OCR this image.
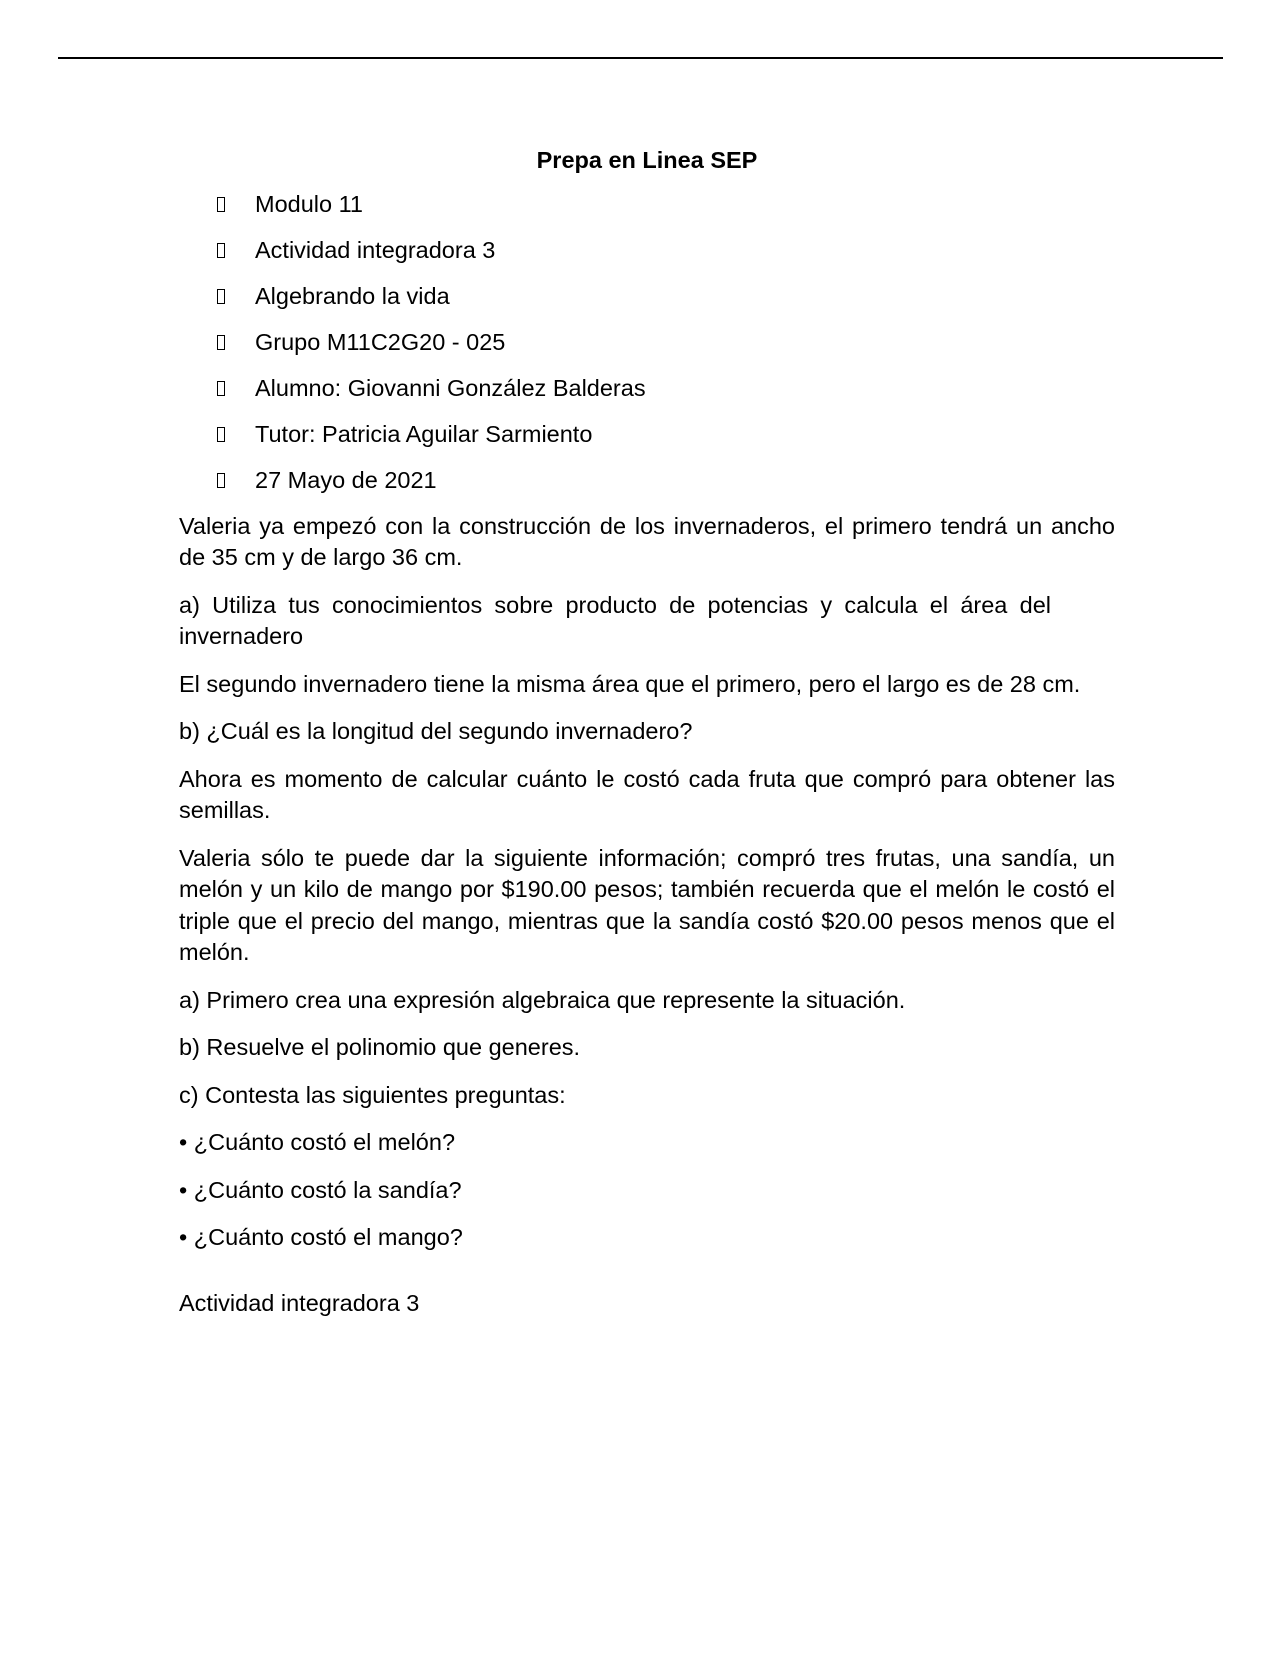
Prepa en Linea SEP
Modulo 11
Actividad integradora 3
Algebrando la vida
Grupo M11C2G20 - 025
Alumno: Giovanni González Balderas
Tutor: Patricia Aguilar Sarmiento
27 Mayo de 2021

Valeria ya empezó con la construcción de los invernaderos, el primero tendrá un ancho de 35 cm y de largo 36 cm.

a) Utiliza tus conocimientos sobre producto de potencias y calcula el área del invernadero

El segundo invernadero tiene la misma área que el primero, pero el largo es de 28 cm.

b) ¿Cuál es la longitud del segundo invernadero?

Ahora es momento de calcular cuánto le costó cada fruta que compró para obtener las semillas.

Valeria sólo te puede dar la siguiente información; compró tres frutas, una sandía, un melón y un kilo de mango por $190.00 pesos; también recuerda que el melón le costó el triple que el precio del mango, mientras que la sandía costó $20.00 pesos menos que el melón.

a) Primero crea una expresión algebraica que represente la situación.

b) Resuelve el polinomio que generes.

c) Contesta las siguientes preguntas:

• ¿Cuánto costó el melón?

• ¿Cuánto costó la sandía?

• ¿Cuánto costó el mango?

Actividad integradora 3
